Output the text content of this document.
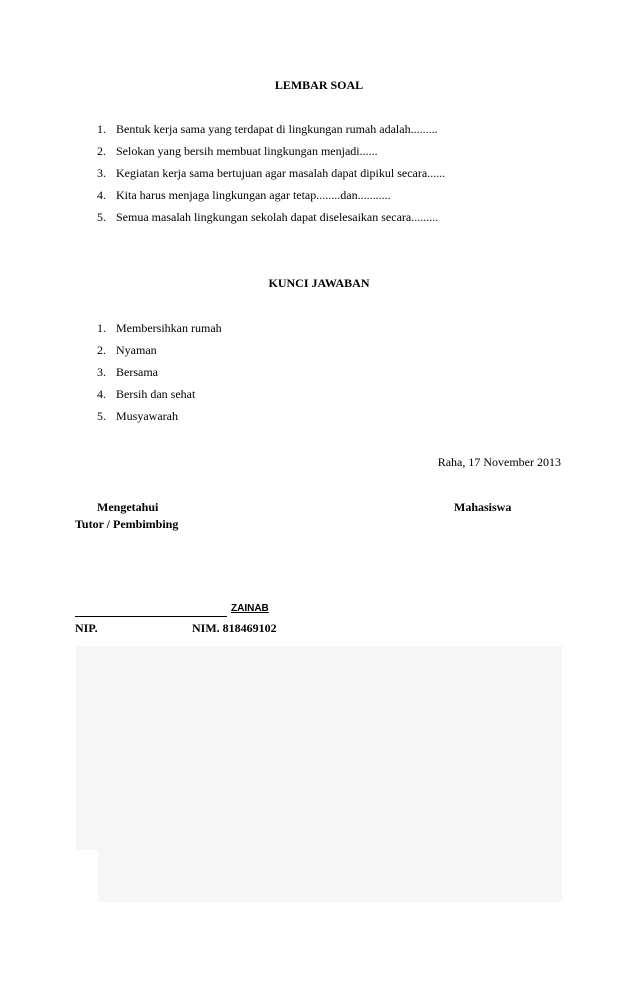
LEMBAR SOAL
1. Bentuk kerja sama yang terdapat di lingkungan rumah adalah.........
2. Selokan yang bersih membuat lingkungan menjadi......
3. Kegiatan kerja sama bertujuan agar masalah dapat dipikul secara......
4. Kita harus menjaga lingkungan agar tetap........dan...........
5. Semua masalah lingkungan sekolah dapat diselesaikan secara.........
KUNCI JAWABAN
1. Membersihkan rumah
2. Nyaman
3. Bersama
4. Bersih dan sehat
5. Musyawarah
Raha, 17 November 2013
Mengetahui
Tutor / Pembimbing
Mahasiswa
ZAINAB
NIP.	NIM. 818469102
